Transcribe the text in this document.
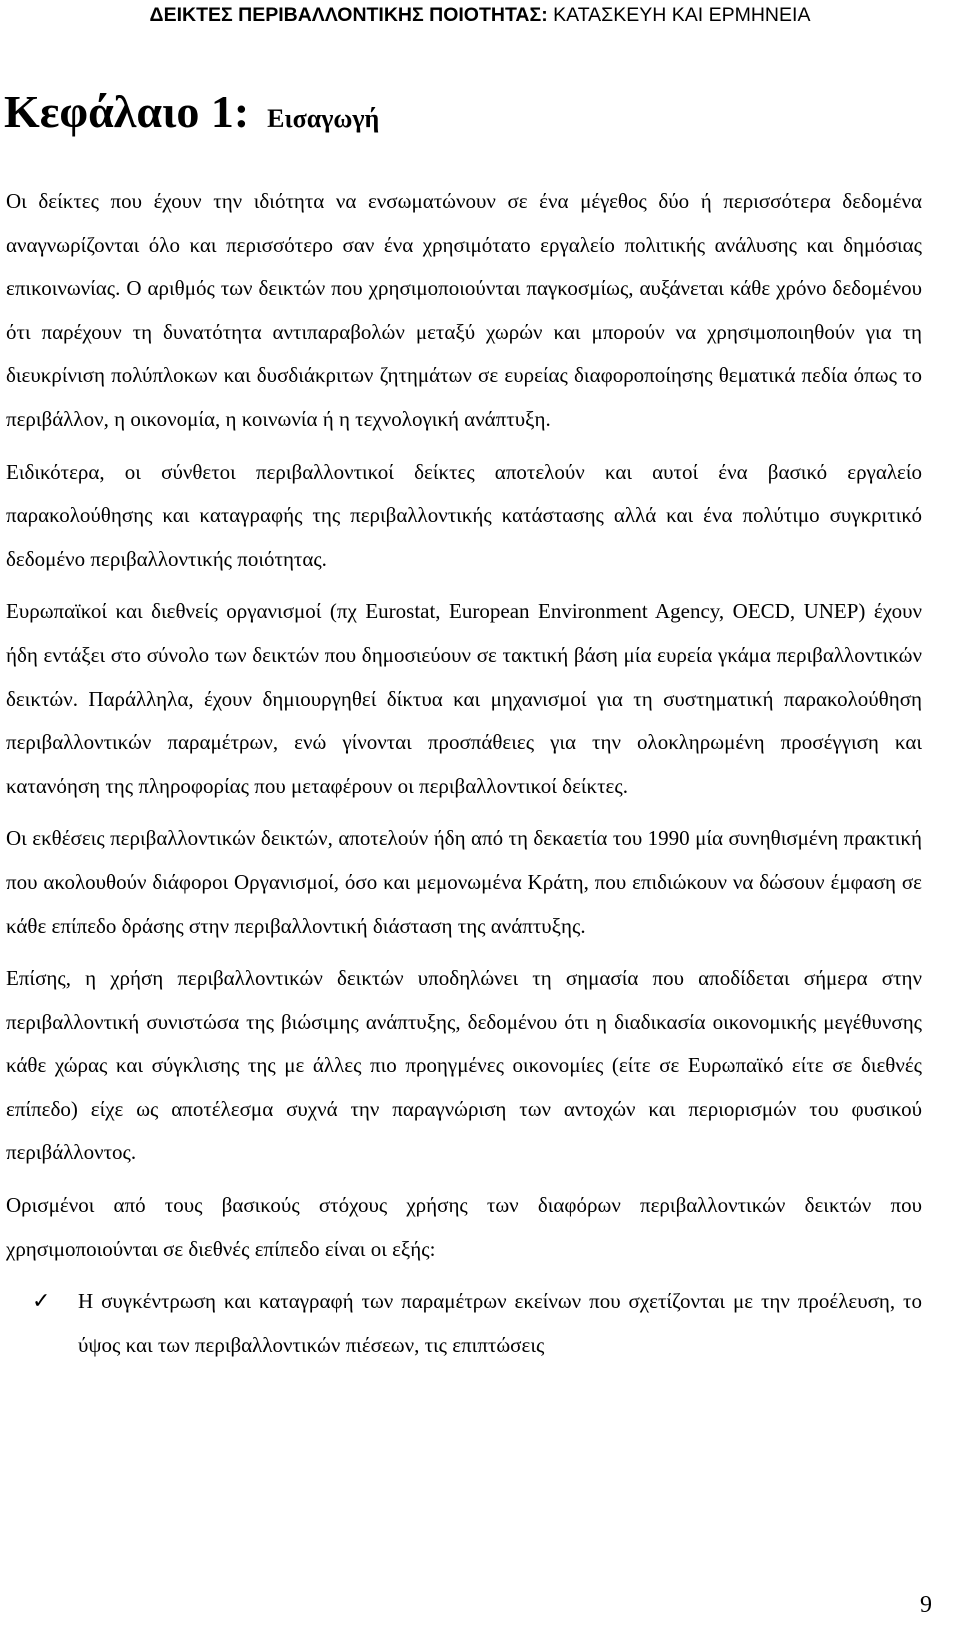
ΔΕΙΚΤΕΣ ΠΕΡΙΒΑΛΛΟΝΤΙΚΗΣ ΠΟΙΟΤΗΤΑΣ: ΚΑΤΑΣΚΕΥΗ ΚΑΙ ΕΡΜΗΝΕΙΑ
Κεφάλαιο 1: Εισαγωγή

Οι δείκτες που έχουν την ιδιότητα να ενσωματώνουν σε ένα μέγεθος δύο ή περισσότερα δεδομένα αναγνωρίζονται όλο και περισσότερο σαν ένα χρησιμότατο εργαλείο πολιτικής ανάλυσης και δημόσιας επικοινωνίας. Ο αριθμός των δεικτών που χρησιμοποιούνται παγκοσμίως, αυξάνεται κάθε χρόνο δεδομένου ότι παρέχουν τη δυνατότητα αντιπαραβολών μεταξύ χωρών και μπορούν να χρησιμοποιηθούν για τη διευκρίνιση πολύπλοκων και δυσδιάκριτων ζητημάτων σε ευρείας διαφοροποίησης θεματικά πεδία όπως το περιβάλλον, η οικονομία, η κοινωνία ή η τεχνολογική ανάπτυξη.

Ειδικότερα, οι σύνθετοι περιβαλλοντικοί δείκτες αποτελούν και αυτοί ένα βασικό εργαλείο παρακολούθησης και καταγραφής της περιβαλλοντικής κατάστασης αλλά και ένα πολύτιμο συγκριτικό δεδομένο περιβαλλοντικής ποιότητας.

Ευρωπαϊκοί και διεθνείς οργανισμοί (πχ Eurostat, European Environment Agency, OECD, UNEP) έχουν ήδη εντάξει στο σύνολο των δεικτών που δημοσιεύουν σε τακτική βάση μία ευρεία γκάμα περιβαλλοντικών δεικτών. Παράλληλα, έχουν δημιουργηθεί δίκτυα και μηχανισμοί για τη συστηματική παρακολούθηση περιβαλλοντικών παραμέτρων, ενώ γίνονται προσπάθειες για την ολοκληρωμένη προσέγγιση και κατανόηση της πληροφορίας που μεταφέρουν οι περιβαλλοντικοί δείκτες.

Οι εκθέσεις περιβαλλοντικών δεικτών, αποτελούν ήδη από τη δεκαετία του 1990 μία συνηθισμένη πρακτική που ακολουθούν διάφοροι Οργανισμοί, όσο και μεμονωμένα Κράτη, που επιδιώκουν να δώσουν έμφαση σε κάθε επίπεδο δράσης στην περιβαλλοντική διάσταση της ανάπτυξης.

Επίσης, η χρήση περιβαλλοντικών δεικτών υποδηλώνει τη σημασία που αποδίδεται σήμερα στην περιβαλλοντική συνιστώσα της βιώσιμης ανάπτυξης, δεδομένου ότι η διαδικασία οικονομικής μεγέθυνσης κάθε χώρας και σύγκλισης της με άλλες πιο προηγμένες οικονομίες (είτε σε Ευρωπαϊκό είτε σε διεθνές επίπεδο) είχε ως αποτέλεσμα συχνά την παραγνώριση των αντοχών και περιορισμών του φυσικού περιβάλλοντος.

Ορισμένοι από τους βασικούς στόχους χρήσης των διαφόρων περιβαλλοντικών δεικτών που χρησιμοποιούνται σε διεθνές επίπεδο είναι οι εξής:

✓ Η συγκέντρωση και καταγραφή των παραμέτρων εκείνων που σχετίζονται με την προέλευση, το ύψος και των περιβαλλοντικών πιέσεων, τις επιπτώσεις
9
